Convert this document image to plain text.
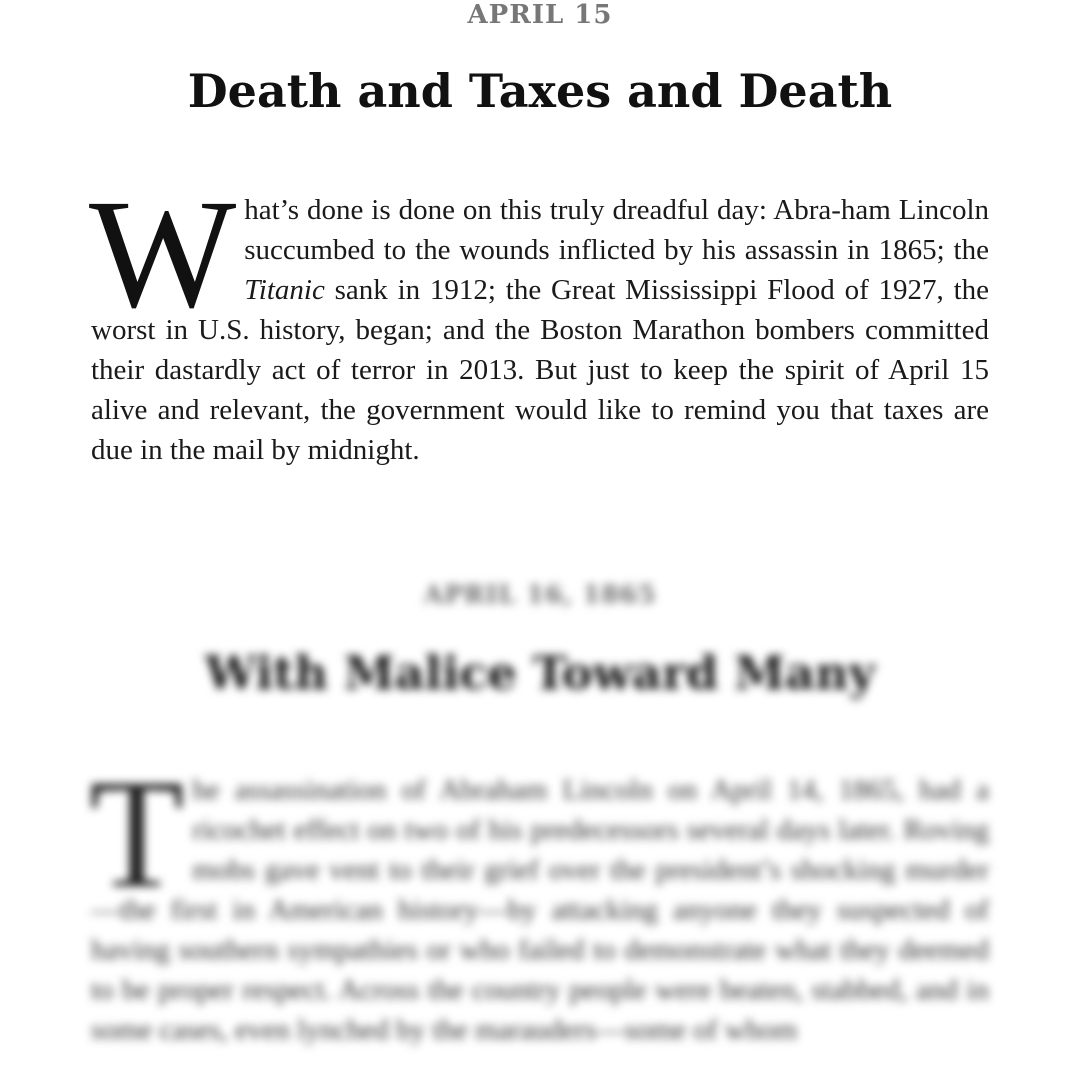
APRIL 15
Death and Taxes and Death
What’s done is done on this truly dreadful day: Abra-ham Lincoln succumbed to the wounds inflicted by his assassin in 1865; the Titanic sank in 1912; the Great Mississippi Flood of 1927, the worst in U.S. history, began; and the Boston Marathon bombers committed their dastardly act of terror in 2013. But just to keep the spirit of April 15 alive and relevant, the government would like to remind you that taxes are due in the mail by midnight.
APRIL 16, 1865
With Malice Toward Many
The assassination of Abraham Lincoln on April 14, 1865, had a ricochet effect on two of his predecessors several days later. Roving mobs gave vent to their grief over the president’s shocking murder—the first in American history—by attacking anyone they suspected of having southern sympathies or who failed to demonstrate what they deemed to be proper respect. Across the country people were beaten, stabbed, and in some cases, even lynched by the marauders—some of whom
